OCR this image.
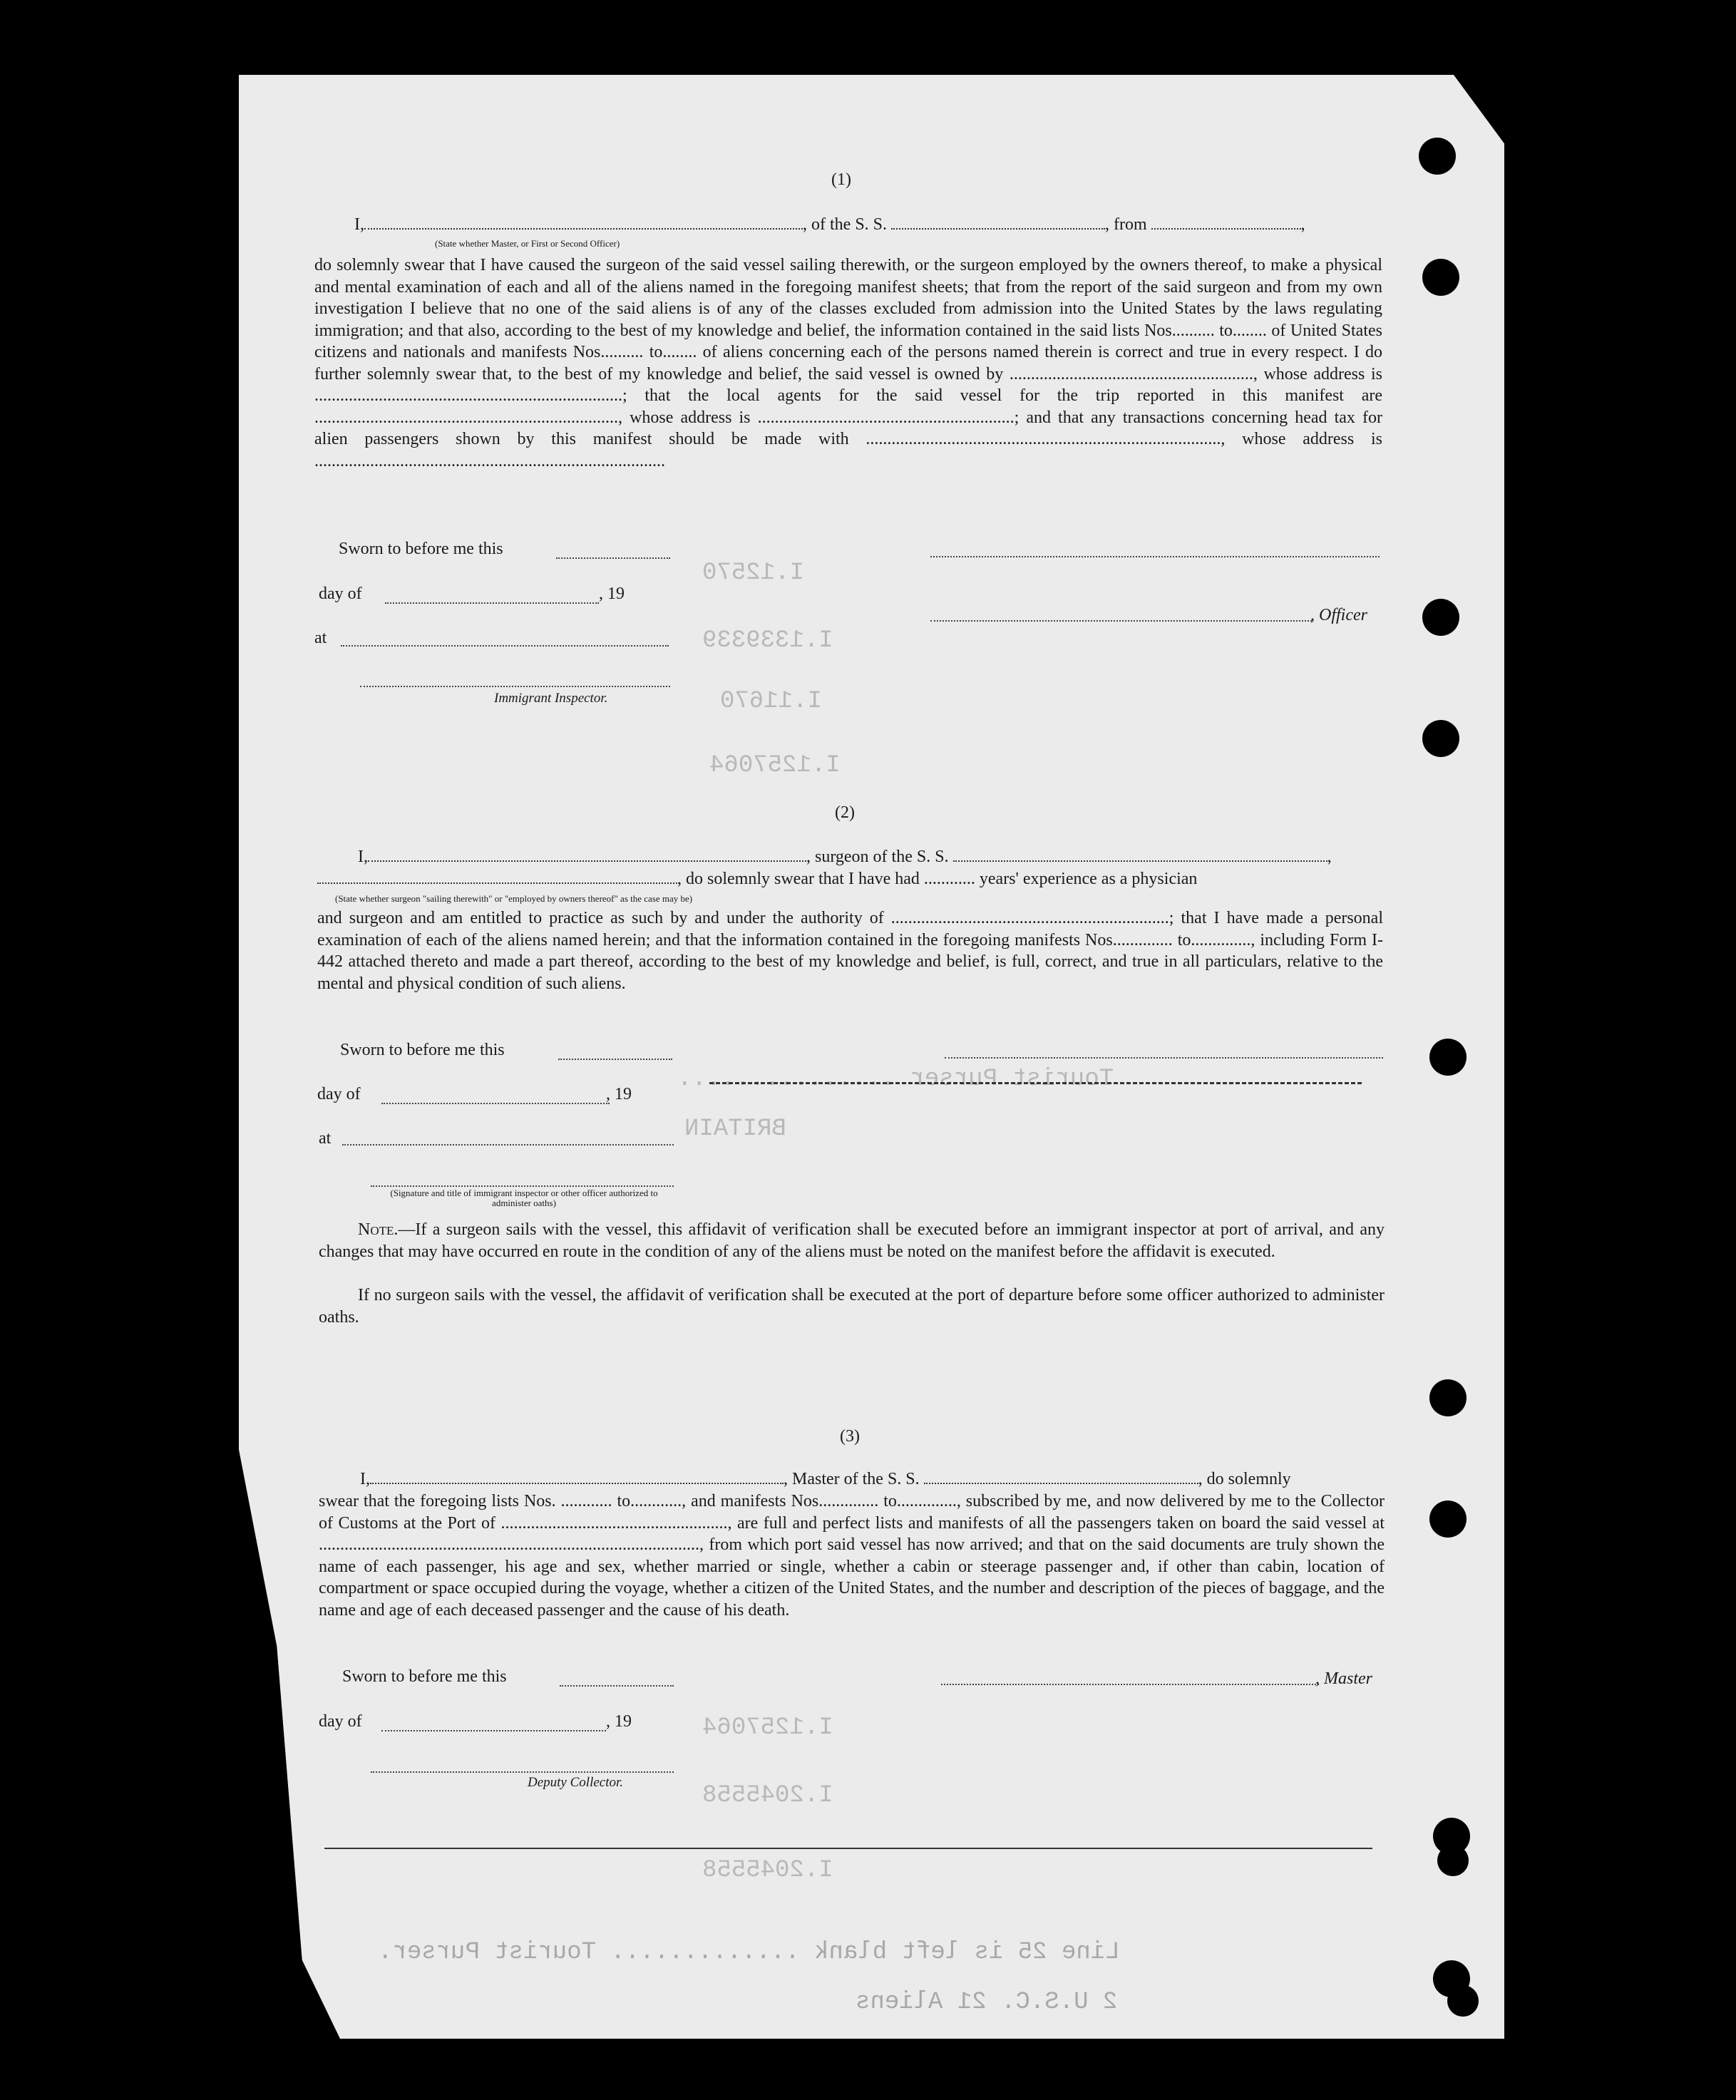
I.12570
I.1339339
I.11670
I.1257064
Tourist Purser ...............
BRITAIN
I.1257064
I.2045558
I.2045558
Line 25 is left blank ............. Tourist Purser.
2 U.S.C. 21 Aliens
(1)
I,	, of the S. S.	, from	,
(State whether Master, or First or Second Officer)
do solemnly swear that I have caused the surgeon of the said vessel sailing therewith, or the surgeon employed by the owners thereof, to make a physical and mental examination of each and all of the aliens named in the foregoing manifest sheets; that from the report of the said surgeon and from my own investigation I believe that no one of the said aliens is of any of the classes excluded from admission into the United States by the laws regulating immigration; and that also, according to the best of my knowledge and belief, the information contained in the said lists Nos.......... to........ of United States citizens and nationals and manifests Nos.......... to........ of aliens concerning each of the persons named therein is correct and true in every respect. I do further solemnly swear that, to the best of my knowledge and belief, the said vessel is owned by ........................................................., whose address is ........................................................................; that the local agents for the said vessel for the trip reported in this manifest are ......................................................................., whose address is ............................................................; and that any transactions concerning head tax for alien passengers shown by this manifest should be made with ..................................................................................., whose address is ..................................................................................
Sworn to before me this
day of	, 19
, Officer
at
Immigrant Inspector.
(2)
I,	, surgeon of the S. S.	,
, do solemnly swear that I have had ............ years' experience as a physician
(State whether surgeon "sailing therewith" or "employed by owners thereof" as the case may be)
and surgeon and am entitled to practice as such by and under the authority of .................................................................; that I have made a personal examination of each of the aliens named herein; and that the information contained in the foregoing manifests Nos.............. to.............., including Form I-442 attached thereto and made a part thereof, according to the best of my knowledge and belief, is full, correct, and true in all particulars, relative to the mental and physical condition of such aliens.
Sworn to before me this
day of	, 19
at
(Signature and title of immigrant inspector or other officer authorized to administer oaths)
Note.—If a surgeon sails with the vessel, this affidavit of verification shall be executed before an immigrant inspector at port of arrival, and any changes that may have occurred en route in the condition of any of the aliens must be noted on the manifest before the affidavit is executed.
If no surgeon sails with the vessel, the affidavit of verification shall be executed at the port of departure before some officer authorized to administer oaths.
(3)
I,	, Master of the S. S.	, do solemnly
swear that the foregoing lists Nos. ............ to............, and manifests Nos.............. to.............., subscribed by me, and now delivered by me to the Collector of Customs at the Port of ....................................................., are full and perfect lists and manifests of all the passengers taken on board the said vessel at ........................................................................................., from which port said vessel has now arrived; and that on the said documents are truly shown the name of each passenger, his age and sex, whether married or single, whether a cabin or steerage passenger and, if other than cabin, location of compartment or space occupied during the voyage, whether a citizen of the United States, and the number and description of the pieces of baggage, and the name and age of each deceased passenger and the cause of his death.
Sworn to before me this	, Master
day of	, 19
Deputy Collector.
